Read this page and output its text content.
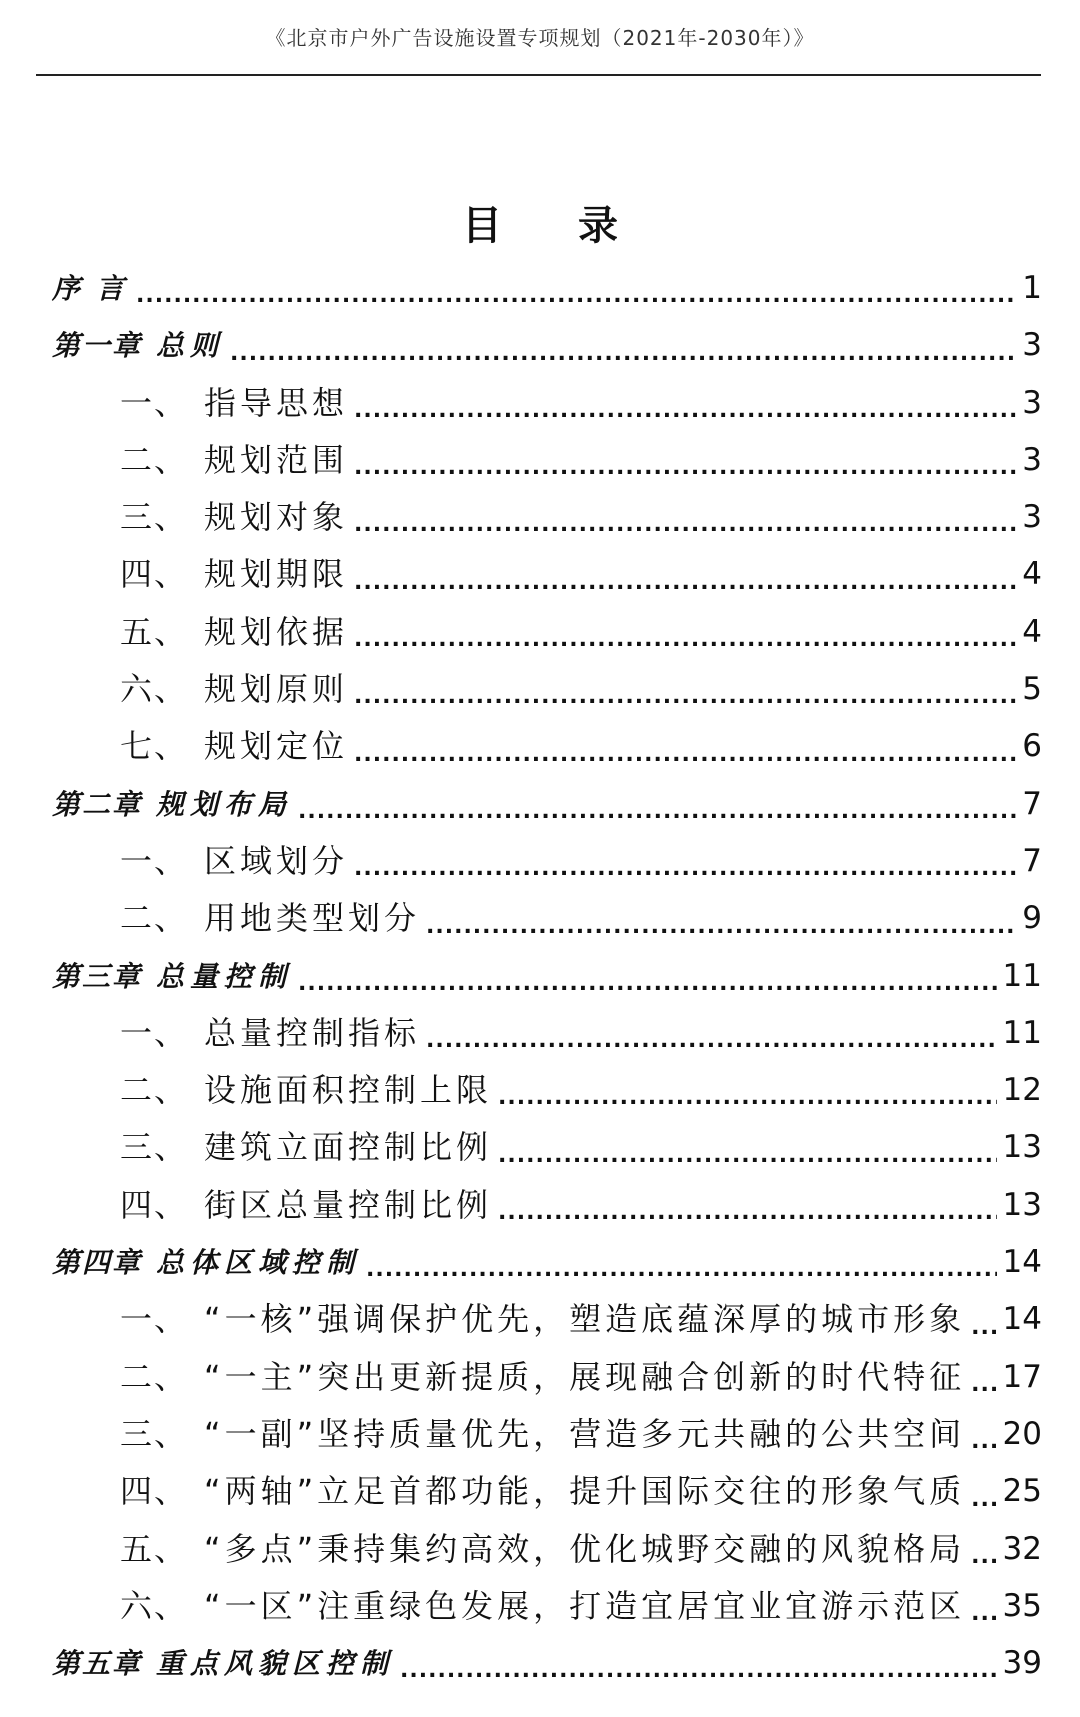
《北京市户外广告设施设置专项规划（2021年-2030年）》
目 录
序 言 .....	1
第一章 总则 .....	3
一、 指导思想 .....	3
二、 规划范围 .....	3
三、 规划对象 .....	3
四、 规划期限 .....	4
五、 规划依据 .....	4
六、 规划原则 .....	5
七、 规划定位 .....	6
第二章 规划布局 .....	7
一、 区域划分 .....	7
二、 用地类型划分 .....	9
第三章 总量控制 .....	11
一、 总量控制指标 .....	11
二、 设施面积控制上限 .....	12
三、 建筑立面控制比例 .....	13
四、 街区总量控制比例 .....	13
第四章 总体区域控制 .....	14
一、 “一核”强调保护优先，塑造底蕴深厚的城市形象 ..... 14
二、 “一主”突出更新提质，展现融合创新的时代特征 ..... 17
三、 “一副”坚持质量优先，营造多元共融的公共空间 ..... 20
四、 “两轴”立足首都功能，提升国际交往的形象气质 ..... 25
五、 “多点”秉持集约高效，优化城野交融的风貌格局 ..... 32
六、 “一区”注重绿色发展，打造宜居宜业宜游示范区 ..... 35
第五章 重点风貌区控制 .....	39
